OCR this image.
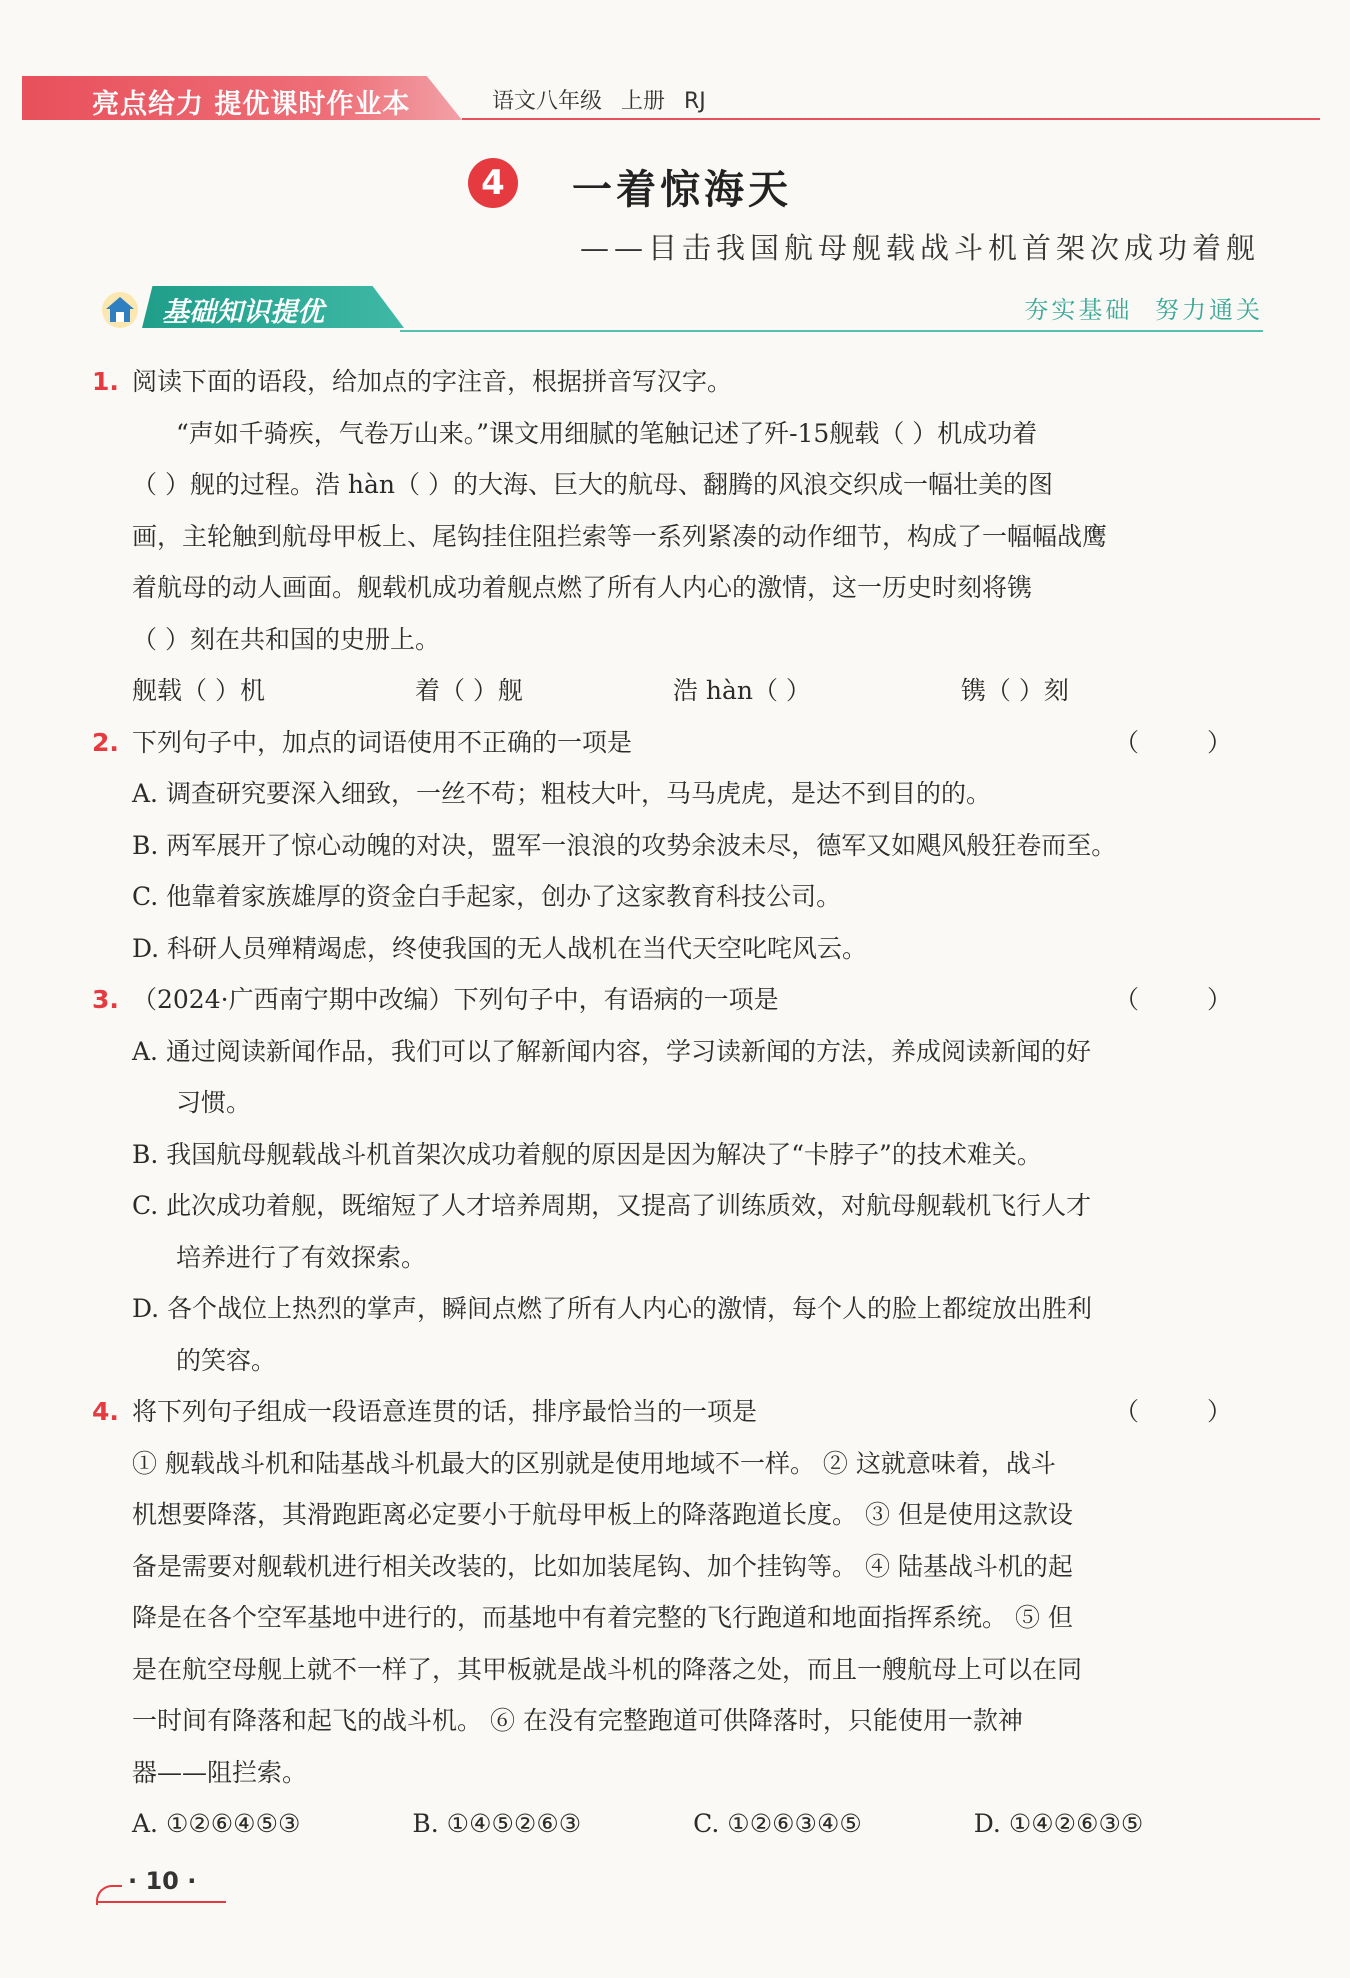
亮点给力 提优课时作业本	语文八年级 上册 RJ
4	一着惊海天
——目击我国航母舰载战斗机首架次成功着舰
基础知识提优	夯实基础 努力通关
1. 阅读下面的语段，给加点的字注音，根据拼音写汉字。
“声如千骑疾，气卷万山来。”课文用细腻的笔触记述了歼-15舰载（ ）机成功着
（ ）舰的过程。浩 hàn（ ）的大海、巨大的航母、翻腾的风浪交织成一幅壮美的图
画，主轮触到航母甲板上、尾钩挂住阻拦索等一系列紧凑的动作细节，构成了一幅幅战鹰
着航母的动人画面。舰载机成功着舰点燃了所有人内心的激情，这一历史时刻将镌
（ ）刻在共和国的史册上。
舰载（ ）机	着（ ）舰	浩 hàn（ ）	镌（ ）刻
2. 下列句子中，加点的词语使用不正确的一项是	（ ）
A. 调查研究要深入细致，一丝不苟；粗枝大叶，马马虎虎，是达不到目的的。
B. 两军展开了惊心动魄的对决，盟军一浪浪的攻势余波未尽，德军又如飓风般狂卷而至。
C. 他靠着家族雄厚的资金白手起家，创办了这家教育科技公司。
D. 科研人员殚精竭虑，终使我国的无人战机在当代天空叱咤风云。
3. （2024·广西南宁期中改编）下列句子中，有语病的一项是	（ ）
A. 通过阅读新闻作品，我们可以了解新闻内容，学习读新闻的方法，养成阅读新闻的好
习惯。
B. 我国航母舰载战斗机首架次成功着舰的原因是因为解决了“卡脖子”的技术难关。
C. 此次成功着舰，既缩短了人才培养周期，又提高了训练质效，对航母舰载机飞行人才
培养进行了有效探索。
D. 各个战位上热烈的掌声，瞬间点燃了所有人内心的激情，每个人的脸上都绽放出胜利
的笑容。
4. 将下列句子组成一段语意连贯的话，排序最恰当的一项是	（ ）
① 舰载战斗机和陆基战斗机最大的区别就是使用地域不一样。 ② 这就意味着，战斗
机想要降落，其滑跑距离必定要小于航母甲板上的降落跑道长度。 ③ 但是使用这款设
备是需要对舰载机进行相关改装的，比如加装尾钩、加个挂钩等。 ④ 陆基战斗机的起
降是在各个空军基地中进行的，而基地中有着完整的飞行跑道和地面指挥系统。 ⑤ 但
是在航空母舰上就不一样了，其甲板就是战斗机的降落之处，而且一艘航母上可以在同
一时间有降落和起飞的战斗机。 ⑥ 在没有完整跑道可供降落时，只能使用一款神
器——阻拦索。
A. ①②⑥④⑤③	B. ①④⑤②⑥③	C. ①②⑥③④⑤	D. ①④②⑥③⑤
· 10 ·
